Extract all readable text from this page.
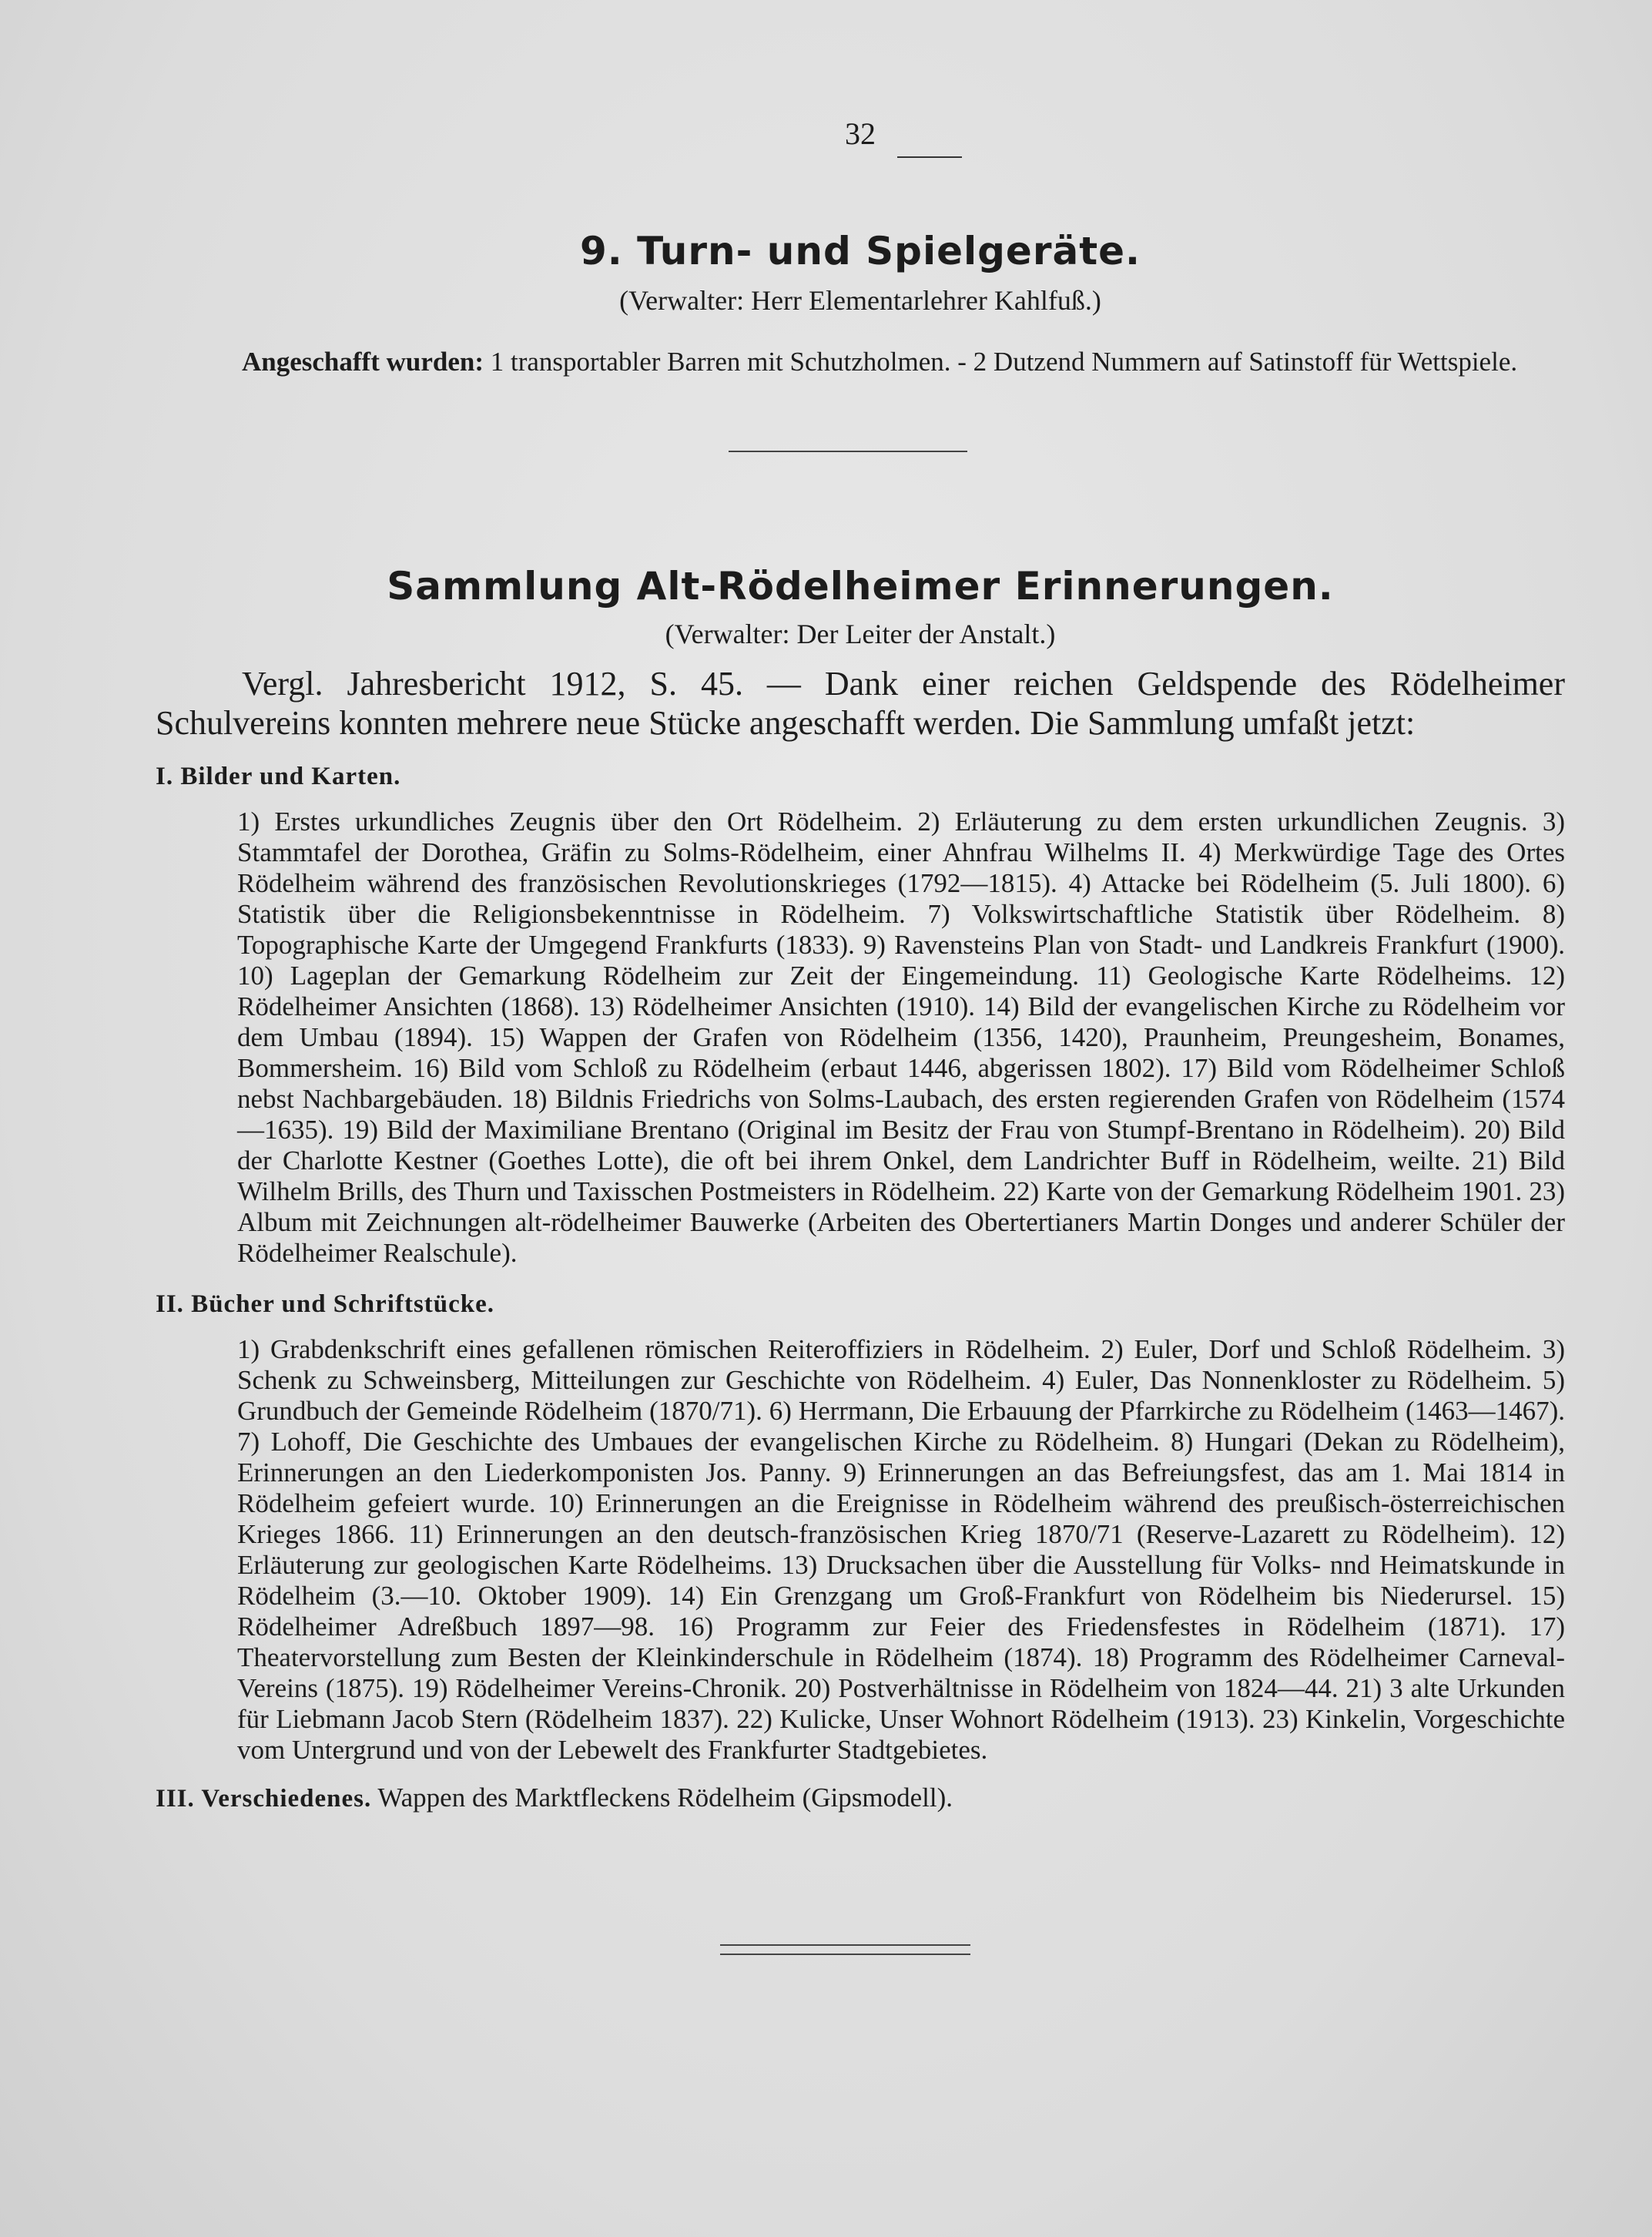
32
9. Turn- und Spielgeräte.
(Verwalter: Herr Elementarlehrer Kahlfuß.)

Angeschafft wurden: 1 transportabler Barren mit Schutzholmen. - 2 Dutzend Nummern auf Satinstoff für Wettspiele.

Sammlung Alt-Rödelheimer Erinnerungen.
(Verwalter: Der Leiter der Anstalt.)

Vergl. Jahresbericht 1912, S. 45. — Dank einer reichen Geldspende des Rödelheimer Schulvereins konnten mehrere neue Stücke angeschafft werden. Die Sammlung umfaßt jetzt:

I. Bilder und Karten.

1) Erstes urkundliches Zeugnis über den Ort Rödelheim. 2) Erläuterung zu dem ersten urkundlichen Zeugnis. 3) Stammtafel der Dorothea, Gräfin zu Solms-Rödelheim, einer Ahnfrau Wilhelms II. 4) Merkwürdige Tage des Ortes Rödelheim während des französischen Revolutionskrieges (1792—1815). 4) Attacke bei Rödelheim (5. Juli 1800). 6) Statistik über die Religionsbekenntnisse in Rödelheim. 7) Volkswirtschaftliche Statistik über Rödelheim. 8) Topographische Karte der Umgegend Frankfurts (1833). 9) Ravensteins Plan von Stadt- und Landkreis Frankfurt (1900). 10) Lageplan der Gemarkung Rödelheim zur Zeit der Eingemeindung. 11) Geologische Karte Rödelheims. 12) Rödelheimer Ansichten (1868). 13) Rödelheimer Ansichten (1910). 14) Bild der evangelischen Kirche zu Rödelheim vor dem Umbau (1894). 15) Wappen der Grafen von Rödelheim (1356, 1420), Praunheim, Preungesheim, Bonames, Bommersheim. 16) Bild vom Schloß zu Rödelheim (erbaut 1446, abgerissen 1802). 17) Bild vom Rödelheimer Schloß nebst Nachbargebäuden. 18) Bildnis Friedrichs von Solms-Laubach, des ersten regierenden Grafen von Rödelheim (1574—1635). 19) Bild der Maximiliane Brentano (Original im Besitz der Frau von Stumpf-Brentano in Rödelheim). 20) Bild der Charlotte Kestner (Goethes Lotte), die oft bei ihrem Onkel, dem Landrichter Buff in Rödelheim, weilte. 21) Bild Wilhelm Brills, des Thurn und Taxisschen Postmeisters in Rödelheim. 22) Karte von der Gemarkung Rödelheim 1901. 23) Album mit Zeichnungen alt-rödelheimer Bauwerke (Arbeiten des Obertertianers Martin Donges und anderer Schüler der Rödelheimer Realschule).

II. Bücher und Schriftstücke.

1) Grabdenkschrift eines gefallenen römischen Reiteroffiziers in Rödelheim. 2) Euler, Dorf und Schloß Rödelheim. 3) Schenk zu Schweinsberg, Mitteilungen zur Geschichte von Rödelheim. 4) Euler, Das Nonnenkloster zu Rödelheim. 5) Grundbuch der Gemeinde Rödelheim (1870/71). 6) Herrmann, Die Erbauung der Pfarrkirche zu Rödelheim (1463—1467). 7) Lohoff, Die Geschichte des Umbaues der evangelischen Kirche zu Rödelheim. 8) Hungari (Dekan zu Rödelheim), Erinnerungen an den Liederkomponisten Jos. Panny. 9) Erinnerungen an das Befreiungsfest, das am 1. Mai 1814 in Rödelheim gefeiert wurde. 10) Erinnerungen an die Ereignisse in Rödelheim während des preußisch-österreichischen Krieges 1866. 11) Erinnerungen an den deutsch-französischen Krieg 1870/71 (Reserve-Lazarett zu Rödelheim). 12) Erläuterung zur geologischen Karte Rödelheims. 13) Drucksachen über die Ausstellung für Volks- nnd Heimatskunde in Rödelheim (3.—10. Oktober 1909). 14) Ein Grenzgang um Groß-Frankfurt von Rödelheim bis Niederursel. 15) Rödelheimer Adreßbuch 1897—98. 16) Programm zur Feier des Friedensfestes in Rödelheim (1871). 17) Theatervorstellung zum Besten der Kleinkinderschule in Rödelheim (1874). 18) Programm des Rödelheimer Carneval-Vereins (1875). 19) Rödelheimer Vereins-Chronik. 20) Postverhältnisse in Rödelheim von 1824—44. 21) 3 alte Urkunden für Liebmann Jacob Stern (Rödelheim 1837). 22) Kulicke, Unser Wohnort Rödelheim (1913). 23) Kinkelin, Vorgeschichte vom Untergrund und von der Lebewelt des Frankfurter Stadtgebietes.

III. Verschiedenes. Wappen des Marktfleckens Rödelheim (Gipsmodell).
